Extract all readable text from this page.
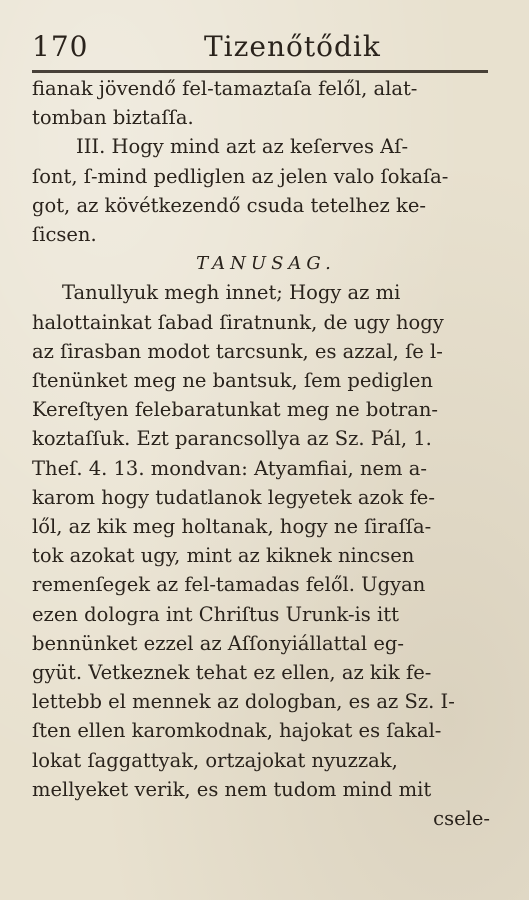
170	Tizenőtődik
fianak jövendő fel-tamaztaſa felől, alat-
tomban biztaſſa.
III. Hogy mind azt az keſerves Aſ-
ſont, ſ-mind pedliglen az jelen valo ſokaſa-
got, az kövétkezendő csuda tetelhez ke-
ſicsen.
TANUSAG.
Tanullyuk megh innet; Hogy az mi
halottainkat ſabad ſiratnunk, de ugy hogy
az ſirasban modot tarcsunk, es azzal, ſe l-
ſtenünket meg ne bantsuk, ſem pediglen
Kereſtyen felebaratunkat meg ne botran-
koztaſſuk. Ezt parancsollya az Sz. Pál, 1.
Theſ. 4. 13. mondvan: Atyamfiai, nem a-
karom hogy tudatlanok legyetek azok fe-
lől, az kik meg holtanak, hogy ne ſiraſſa-
tok azokat ugy, mint az kiknek nincsen
remenſegek az fel-tamadas felől. Ugyan
ezen dologra int Chriſtus Urunk-is itt
bennünket ezzel az Aſſonyiállattal eg-
gyüt. Vetkeznek tehat ez ellen, az kik fe-
lettebb el mennek az dologban, es az Sz. I-
ſten ellen karomkodnak, hajokat es ſakal-
lokat ſaggattyak, ortzajokat nyuzzak,
mellyeket verik, es nem tudom mind mit
csele-
